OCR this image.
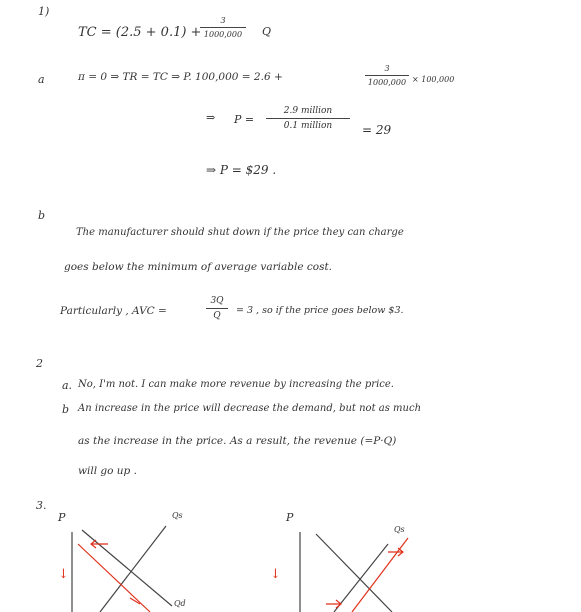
1)
TC = (2.5 + 0.1) +
3
1000,000	Q
a	π = 0 ⇒ TR = TC ⇒ P. 100,000 = 2.6 +
3
1000,000 × 100,000
⇒ P =
2.9 million
0.1 million	= 29
⇒ P = $29 .
b
The manufacturer should shut down if the price they can charge
goes below the minimum of average variable cost.
Particularly , AVC =
3Q
Q	= 3 , so if the price goes below $3.
2
a. No, I'm not. I can make more revenue by increasing the price.
b An increase in the price will decrease the demand, but not as much
as the increase in the price. As a result, the revenue (=P·Q)
will go up .
3.
P	Qs
Qd
↓
P
Qs
↓
